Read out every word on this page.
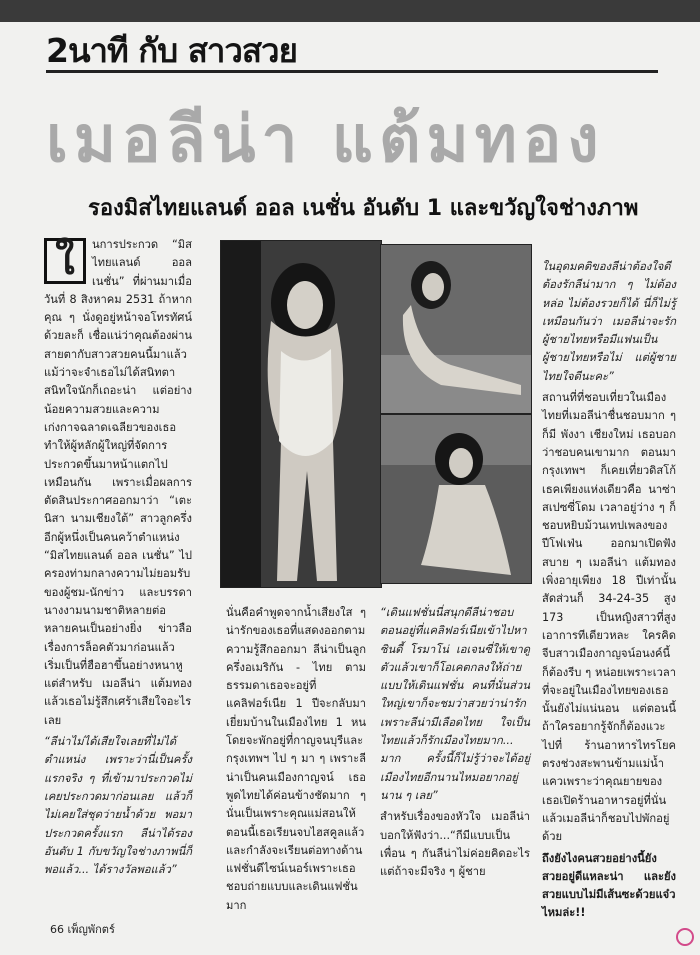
2นาที กับ สาวสวย
เมอลีน่า แต้มทอง
รองมิสไทยแลนด์ ออล เนชั่น อันดับ 1 และขวัญใจช่างภาพ
ใ	นการประกวด “มิสไทยแลนด์ ออล เนชั่น” ที่ผ่านมาเมื่อวันที่ 8 สิงหาคม 2531 ถ้าหากคุณ ๆ นั่งดูอยู่หน้าจอโทรทัศน์ด้วยละก็ เชื่อแน่ว่าคุณต้องผ่านสายตากับสาวสวยคนนี้มาแล้ว แม้ว่าจะจำเธอไม่ได้สนิทตาสนิทใจนักก็เถอะน่า แต่อย่างน้อยความสวยและความเก่งกาจฉลาดเฉลียวของเธอทำให้ผู้หลักผู้ใหญ่ที่จัดการประกวดขึ้นมาหน้าแตกไปเหมือนกัน เพราะเมื่อผลการตัดสินประกาศออกมาว่า “เตะนิสา นามเชียงใต้” สาวลูกครึ่งอีกผู้หนึ่งเป็นคนคว้าตำแหน่ง “มิสไทยแลนด์ ออล เนชั่น” ไปครองท่ามกลางความไม่ยอมรับของผู้ชม-นักข่าว และบรรดานางงามนามชาติหลายต่อหลายคนเป็นอย่างยิ่ง ข่าวลือเรื่องการล็อคตัวมาก่อนแล้วเริ่มเป็นที่ฮือฮาขึ้นอย่างหนาหูแต่สำหรับ เมอลีน่า แต้มทอง แล้วเธอไม่รู้สึกเศร้าเสียใจอะไรเลย

“ลีน่าไม่ได้เสียใจเลยที่ไม่ได้ตำแหน่ง เพราะว่านี่เป็นครั้งแรกจริง ๆ ที่เข้ามาประกวดไม่เคยประกวดมาก่อนเลย แล้วก็ไม่เคยใส่ชุดว่ายน้ำด้วย พอมาประกวดครั้งแรก ลีน่าได้รองอันดับ 1 กับขวัญใจช่างภาพนี่ก็พอแล้ว... ได้รางวัลพอแล้ว”

นั่นคือคำพูดจากน้ำเสียงใส ๆ น่ารักของเธอที่แสดงออกตามความรู้สึกออกมา ลีน่าเป็นลูกครึ่งอเมริกัน - ไทย ตามธรรมดาเธอจะอยู่ที่ แคลิฟอร์เนีย 1 ปีจะกลับมาเยี่ยมบ้านในเมืองไทย 1 หน โดยจะพักอยู่ที่กาญจนบุรีและกรุงเทพฯ ไป ๆ มา ๆ เพราะลีน่าเป็นคนเมืองกาญจน์ เธอพูดไทยได้ค่อนข้างชัดมาก ๆ นั่นเป็นเพราะคุณแม่สอนให้ ตอนนี้เธอเรียนจบไฮสคูลแล้ว และกำลังจะเรียนต่อทางด้านแฟชั่นดีไซน์เนอร์เพราะเธอชอบถ่ายแบบและเดินแฟชั่นมาก

“เดินแฟชั่นนี่สนุกดีลีน่าชอบ ตอนอยู่ที่แคลิฟอร์เนียเข้าไปหา ซินดี้ โรมาโน่ เอเจนซี่ให้เขาดูตัวแล้วเขาก็โอเคตกลงให้ถ่ายแบบให้เดินแฟชั่น คนที่นั่นส่วนใหญ่เขาก็จะชมว่าสวยว่าน่ารักเพราะลีน่ามีเลือดไทย ใจเป็นไทยแล้วก็รักเมืองไทยมาก... มาก ครั้งนี้ก็ไม่รู้ว่าจะได้อยู่เมืองไทยอีกนานไหมอยากอยู่นาน ๆ เลย”

สำหรับเรื่องของหัวใจ เมอลีน่าบอกให้ฟังว่า...“กีมีแบบเป็นเพื่อน ๆ กันลีน่าไม่ค่อยคิดอะไร แต่ถ้าจะมีจริง ๆ ผู้ชาย

ในอุดมคติของลีน่าต้องใจดี ต้องรักลีน่ามาก ๆ ไม่ต้องหล่อ ไม่ต้องรวยก็ได้ นี่ก็ไม่รู้เหมือนกันว่า เมอลีน่าจะรักผู้ชายไทยหรือมีแฟนเป็นผู้ชายไทยหรือไม่ แต่ผู้ชายไทยใจดีนะคะ”

สถานที่ที่ชอบเที่ยวในเมืองไทยที่เมอลีน่าชื่นชอบมาก ๆ ก็มี พังงา เชียงใหม่ เธอบอกว่าชอบคนเขามาก ตอนมากรุงเทพฯ ก็เคยเที่ยวดิสโก้เธคเพียงแห่งเดียวคือ นาซ่าสเปซซี่โดม เวลาอยู่ว่าง ๆ ก็ชอบหยิบม้วนเทปเพลงของ ปีโฟเฟ่น ออกมาเปิดฟังสบาย ๆ เมอลีน่า แต้มทอง เพิ่งอายุเพียง 18 ปีเท่านั้น สัดส่วนก็ 34-24-35 สูง 173 เป็นหญิงสาวที่สูงเอาการทีเดียวหละ ใครคิดจีบสาวเมืองกาญจน์อนงค์นี้ก็ต้องรีบ ๆ หน่อยเพราะเวลาที่จะอยู่ในเมืองไทยของเธอนั้นยังไม่แน่นอน แต่ตอนนี้ถ้าใครอยากรู้จักก็ต้องแวะไปที่ ร้านอาหารไทรโยคตรงช่วงสะพานข้ามแม่น้ำแควเพราะว่าคุณยายของเธอเปิดร้านอาหารอยู่ที่นั่นแล้วเมอลีน่าก็ชอบไปพักอยู่ด้วย

ถึงยังไงคนสวยอย่างนี้ยังสวยอยู่ดีแหละน่า และยังสวยแบบไม่มีเส้นซะด้วยแจ๋วไหมล่ะ!!

66 เพ็ญพักตร์
